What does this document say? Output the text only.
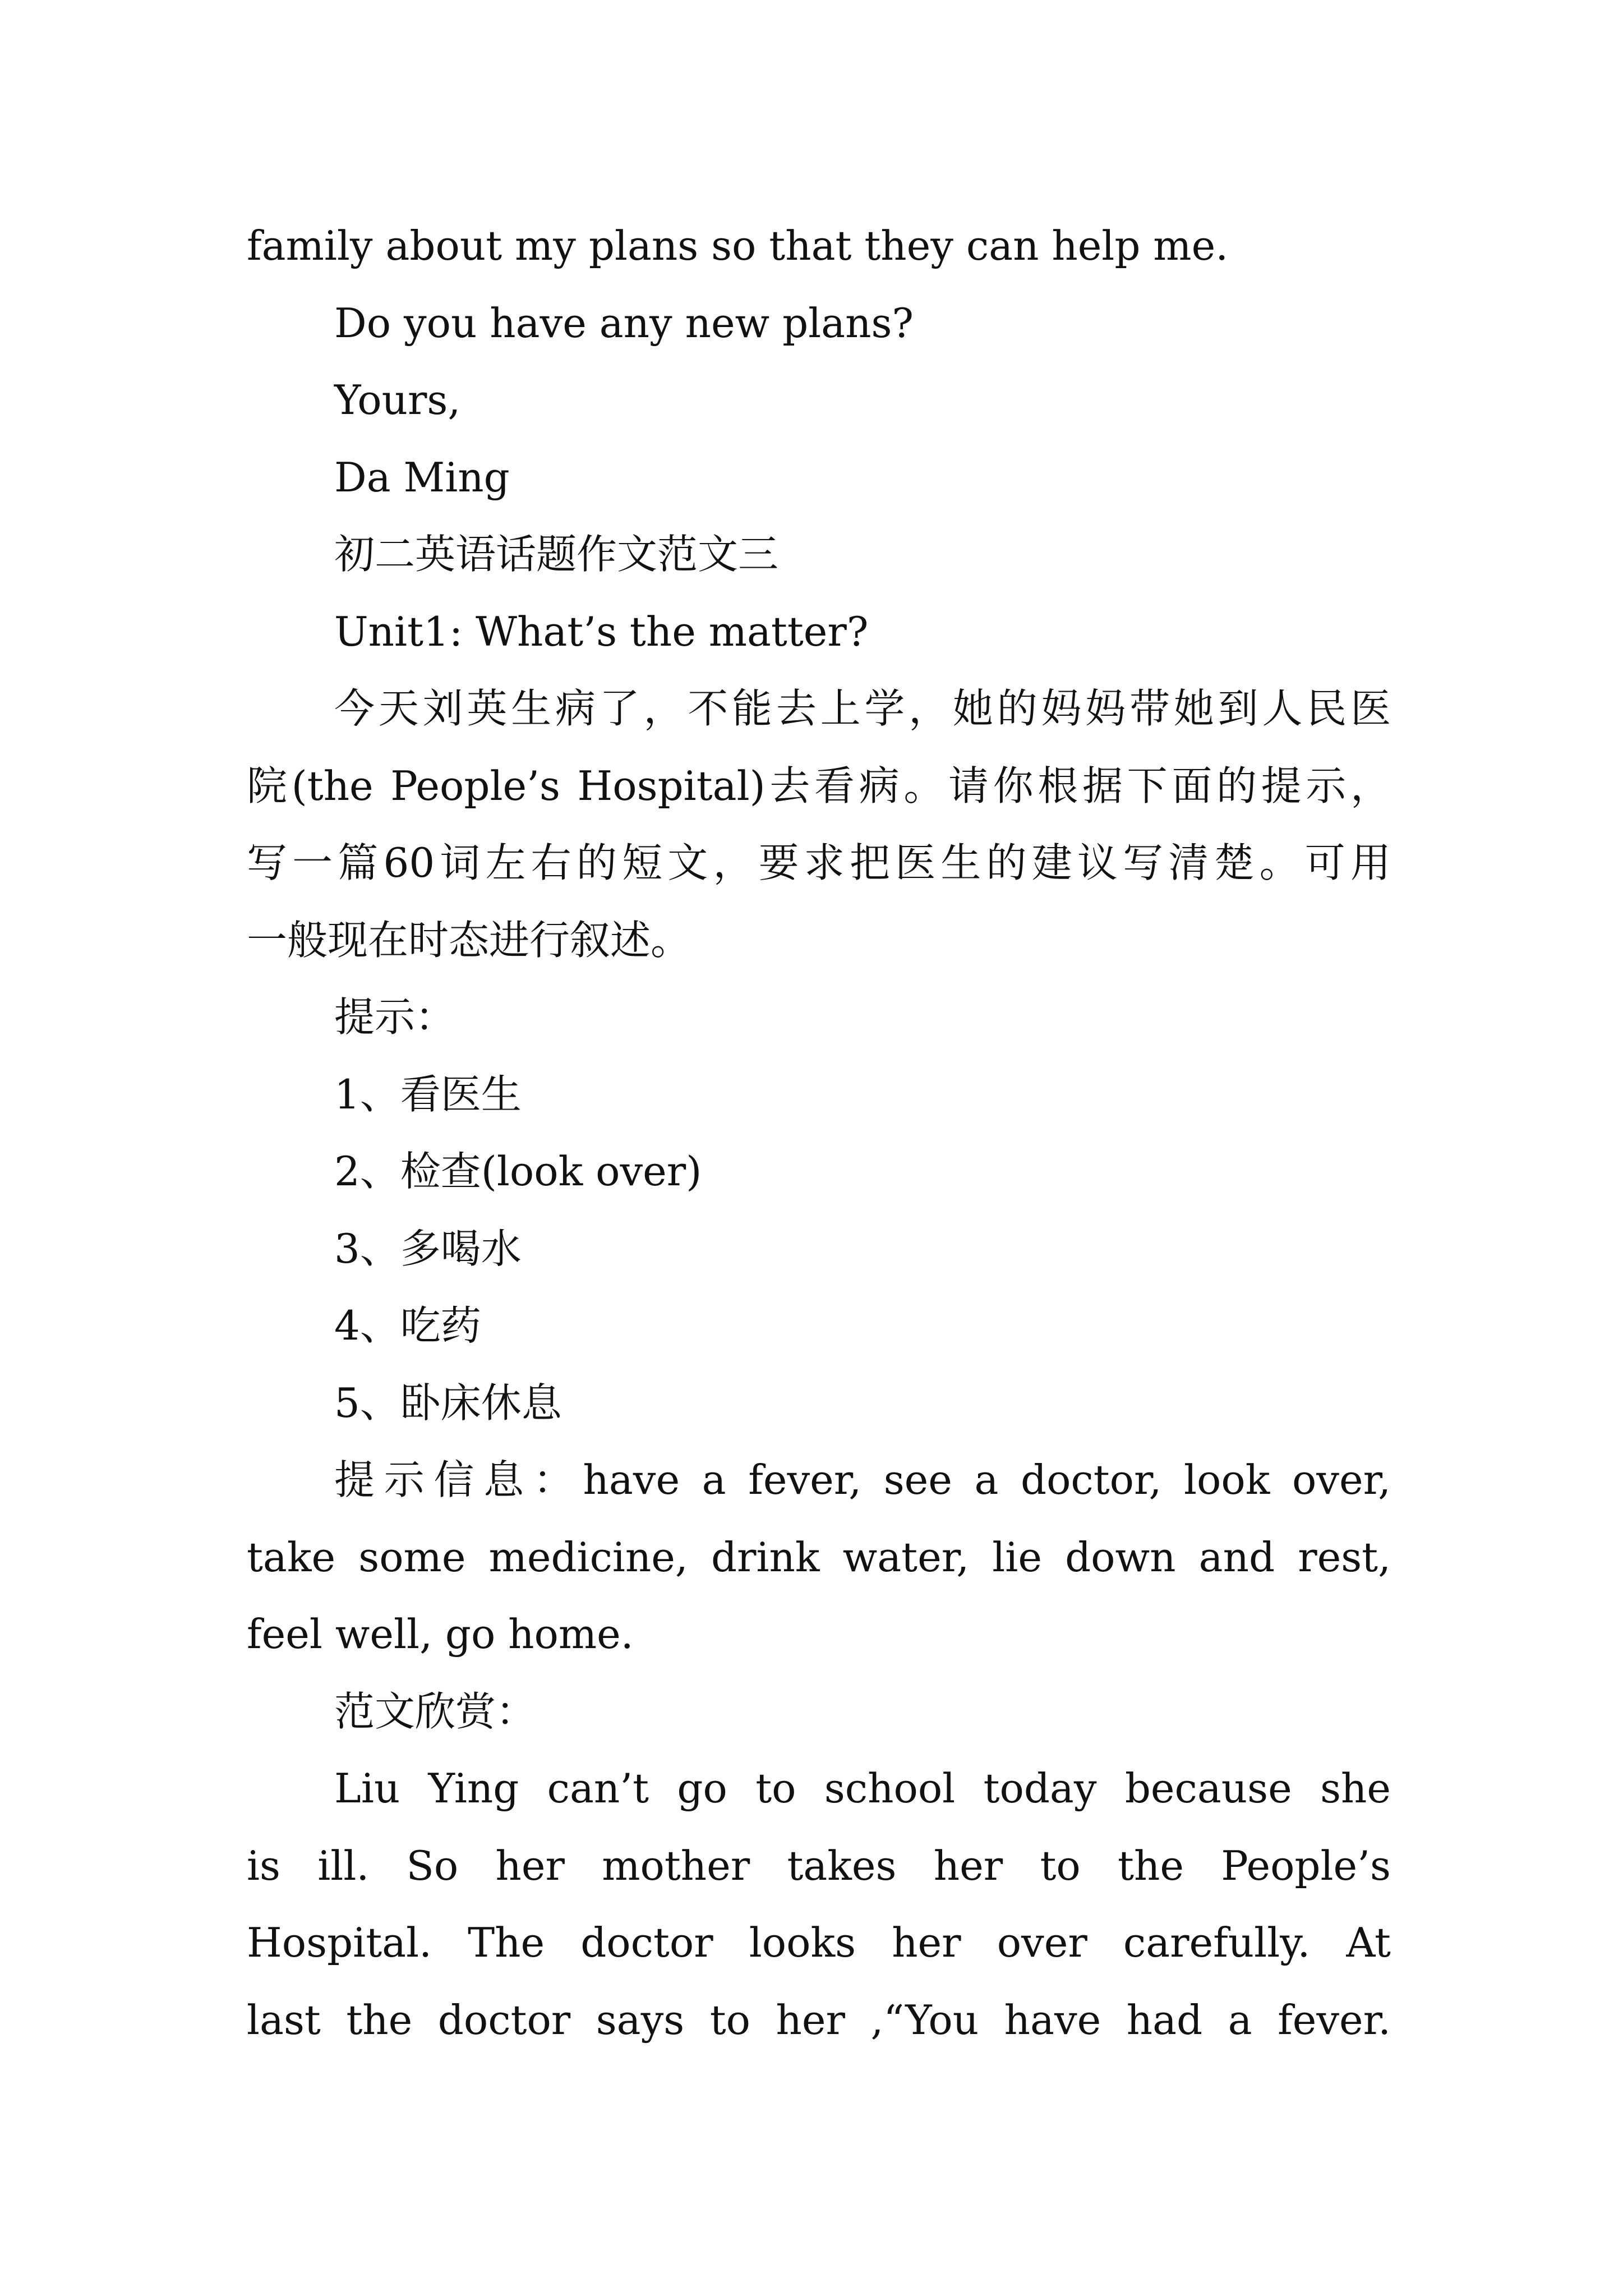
family about my plans so that they can help me.

Do you have any new plans?

Yours,

Da Ming

初二英语话题作文范文三

Unit1: What’s the matter?

今天刘英生病了，不能去上学，她的妈妈带她到人民医

院(the People’s Hospital)去看病。请你根据下面的提示，

写一篇60词左右的短文，要求把医生的建议写清楚。可用

一般现在时态进行叙述。

提示：

1、看医生

2、检查(look over)

3、多喝水

4、吃药

5、卧床休息

提示信息：have a fever, see a doctor, look over,

take some medicine, drink water, lie down and rest,

feel well, go home.

范文欣赏：

Liu Ying can’t go to school today because she

is ill. So her mother takes her to the People’s

Hospital. The doctor looks her over carefully. At

last the doctor says to her ,“You have had a fever.
